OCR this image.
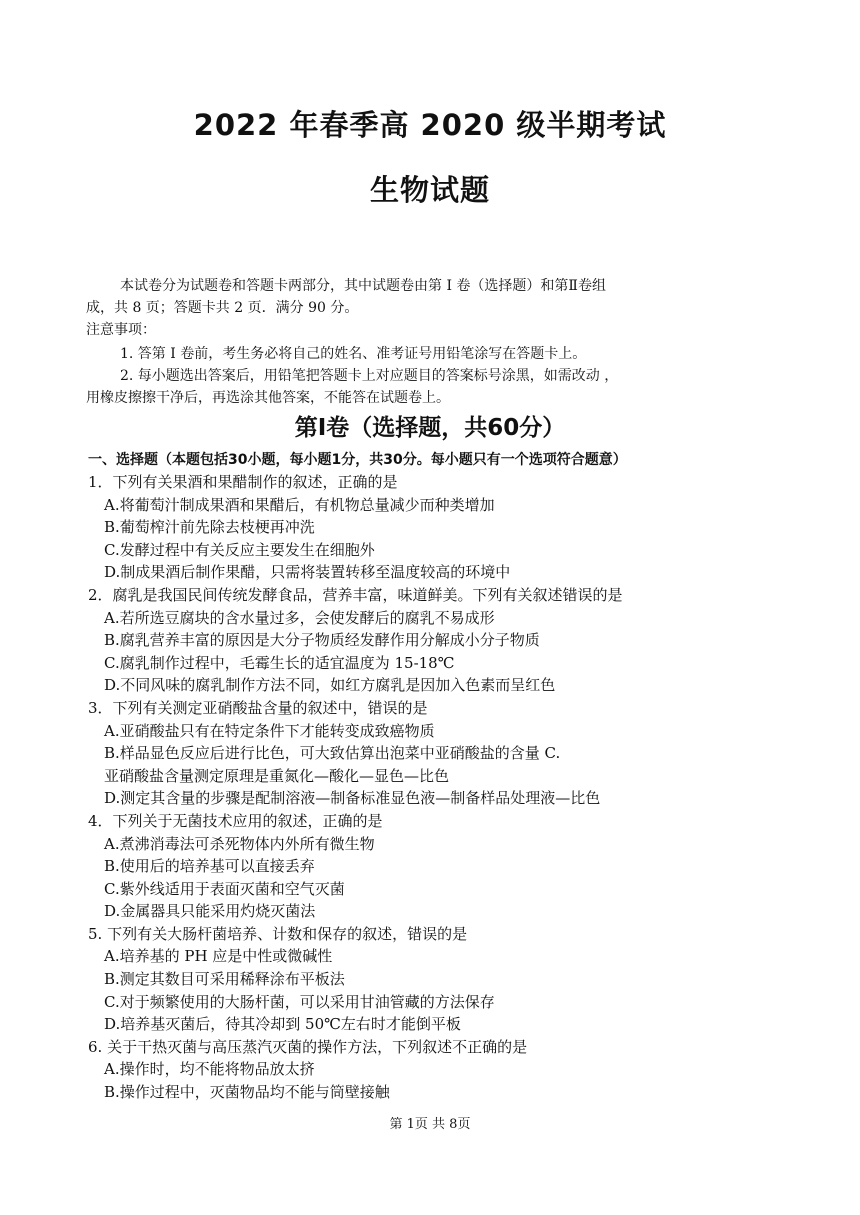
2022 年春季高 2020 级半期考试
生物试题
本试卷分为试题卷和答题卡两部分，其中试题卷由第 Ⅰ 卷（选择题）和第Ⅱ卷组
成，共 8 页；答题卡共 2 页．满分 90 分。
注意事项：
1. 答第 Ⅰ 卷前，考生务必将自己的姓名、准考证号用铅笔涂写在答题卡上。
2. 每小题选出答案后，用铅笔把答题卡上对应题目的答案标号涂黑，如需改动 ，
用橡皮擦擦干净后，再选涂其他答案，不能答在试题卷上。
第Ⅰ卷（选择题，共60分）
一、选择题（本题包括30小题，每小题1分，共30分。每小题只有一个选项符合题意）
1．下列有关果酒和果醋制作的叙述，正确的是
A.将葡萄汁制成果酒和果醋后，有机物总量减少而种类增加
B.葡萄榨汁前先除去枝梗再冲洗
C.发酵过程中有关反应主要发生在细胞外
D.制成果酒后制作果醋，只需将装置转移至温度较高的环境中
2．腐乳是我国民间传统发酵食品，营养丰富，味道鲜美。下列有关叙述错误的是
A.若所选豆腐块的含水量过多，会使发酵后的腐乳不易成形
B.腐乳营养丰富的原因是大分子物质经发酵作用分解成小分子物质
C.腐乳制作过程中，毛霉生长的适宜温度为 15-18℃
D.不同风味的腐乳制作方法不同，如红方腐乳是因加入色素而呈红色
3．下列有关测定亚硝酸盐含量的叙述中，错误的是
A.亚硝酸盐只有在特定条件下才能转变成致癌物质
B.样品显色反应后进行比色，可大致估算出泡菜中亚硝酸盐的含量 C.
亚硝酸盐含量测定原理是重氮化—酸化—显色—比色
D.测定其含量的步骤是配制溶液—制备标准显色液—制备样品处理液—比色
4．下列关于无菌技术应用的叙述，正确的是
A.煮沸消毒法可杀死物体内外所有微生物
B.使用后的培养基可以直接丢弃
C.紫外线适用于表面灭菌和空气灭菌
D.金属器具只能采用灼烧灭菌法
5. 下列有关大肠杆菌培养、计数和保存的叙述，错误的是
A.培养基的 PH 应是中性或微碱性
B.测定其数目可采用稀释涂布平板法
C.对于频繁使用的大肠杆菌，可以采用甘油管藏的方法保存
D.培养基灭菌后，待其冷却到 50℃左右时才能倒平板
6. 关于干热灭菌与高压蒸汽灭菌的操作方法，下列叙述不正确的是
A.操作时，均不能将物品放太挤
B.操作过程中，灭菌物品均不能与筒壁接触
第 1页 共 8页
